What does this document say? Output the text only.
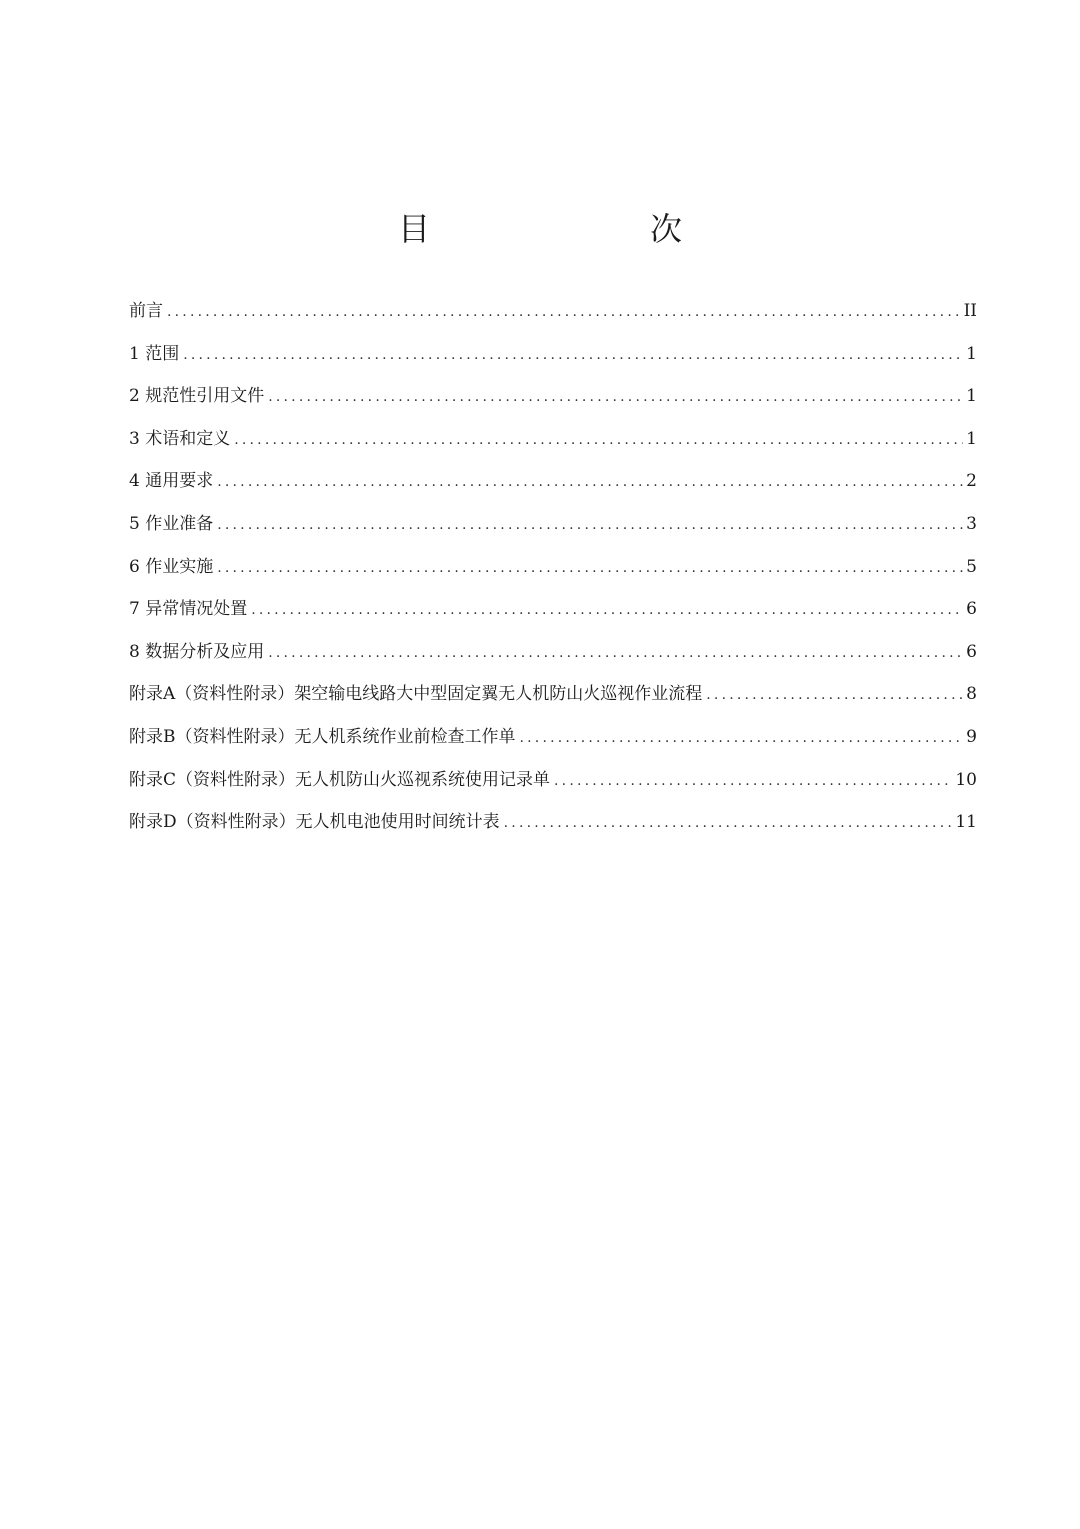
目　　次
前言 .....	II
1 范围 .....	1
2 规范性引用文件 .....	1
3 术语和定义 .....	1
4 通用要求 .....	2
5 作业准备 .....	3
6 作业实施 .....	5
7 异常情况处置 .....	6
8 数据分析及应用 .....	6
附录A（资料性附录）架空输电线路大中型固定翼无人机防山火巡视作业流程 .....	8
附录B（资料性附录）无人机系统作业前检查工作单 .....	9
附录C（资料性附录）无人机防山火巡视系统使用记录单 .....	10
附录D（资料性附录）无人机电池使用时间统计表 .....	11
